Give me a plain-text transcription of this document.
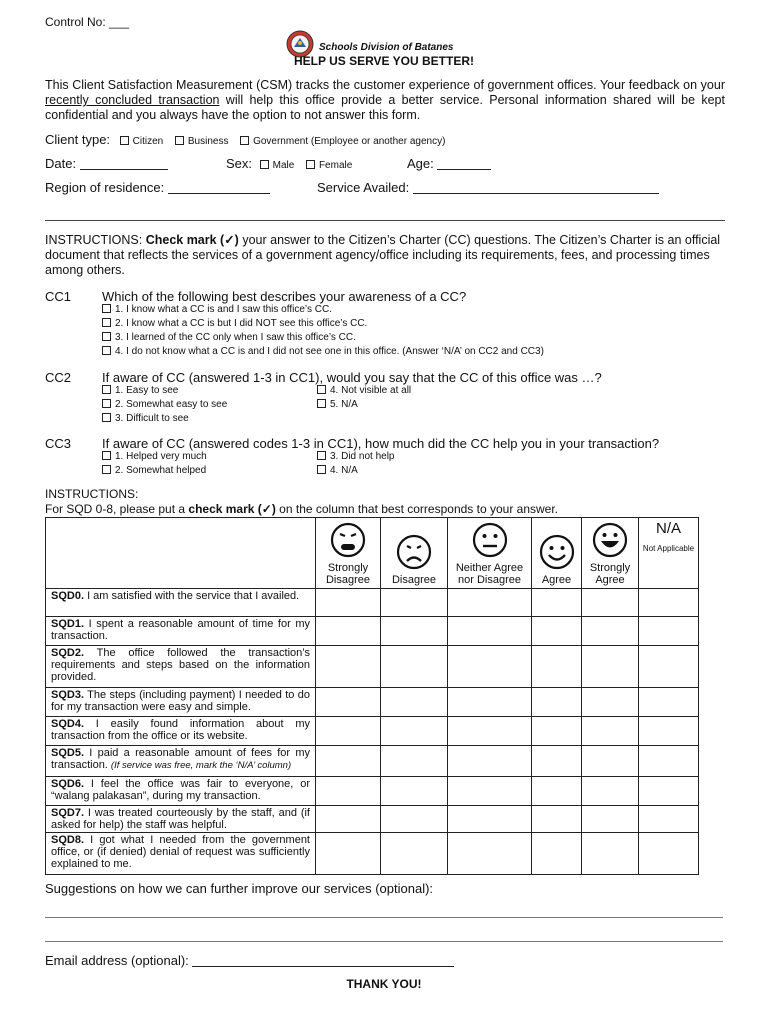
Control No: ___
Schools Division of Batanes
HELP US SERVE YOU BETTER!
This Client Satisfaction Measurement (CSM) tracks the customer experience of government offices. Your feedback on your recently concluded transaction will help this office provide a better service. Personal information shared will be kept confidential and you always have the option to not answer this form.
Client type: Citizen Business Government (Employee or another agency)
Date:	Sex: Male Female	Age:
Region of residence:	Service Availed:
INSTRUCTIONS: Check mark (✓) your answer to the Citizen’s Charter (CC) questions. The Citizen’s Charter is an official document that reflects the services of a government agency/office including its requirements, fees, and processing times among others.
CC1 Which of the following best describes your awareness of a CC?
1. I know what a CC is and I saw this office’s CC.
2. I know what a CC is but I did NOT see this office’s CC.
3. I learned of the CC only when I saw this office’s CC.
4. I do not know what a CC is and I did not see one in this office. (Answer ‘N/A’ on CC2 and CC3)
CC2 If aware of CC (answered 1-3 in CC1), would you say that the CC of this office was …?
1. Easy to see
2. Somewhat easy to see
3. Difficult to see
4. Not visible at all
5. N/A
CC3 If aware of CC (answered codes 1-3 in CC1), how much did the CC help you in your transaction?
1. Helped very much
2. Somewhat helped
3. Did not help
4. N/A
INSTRUCTIONS:
For SQD 0-8, please put a check mark (✓) on the column that best corresponds to your answer.

Strongly Disagree	Disagree	Neither Agree nor Disagree	Agree	Strongly Agree	N/A
Not Applicable

SQD0. I am satisfied with the service that I availed.						
SQD1. I spent a reasonable amount of time for my transaction.						
SQD2. The office followed the transaction’s requirements and steps based on the information provided.						
SQD3. The steps (including payment) I needed to do for my transaction were easy and simple.						
SQD4. I easily found information about my transaction from the office or its website.						
SQD5. I paid a reasonable amount of fees for my transaction. (If service was free, mark the ‘N/A’ column)						
SQD6. I feel the office was fair to everyone, or “walang palakasan”, during my transaction.						
SQD7. I was treated courteously by the staff, and (if asked for help) the staff was helpful.						
SQD8. I got what I needed from the government office, or (if denied) denial of request was sufficiently explained to me.						
Suggestions on how we can further improve our services (optional):
Email address (optional):
THANK YOU!
